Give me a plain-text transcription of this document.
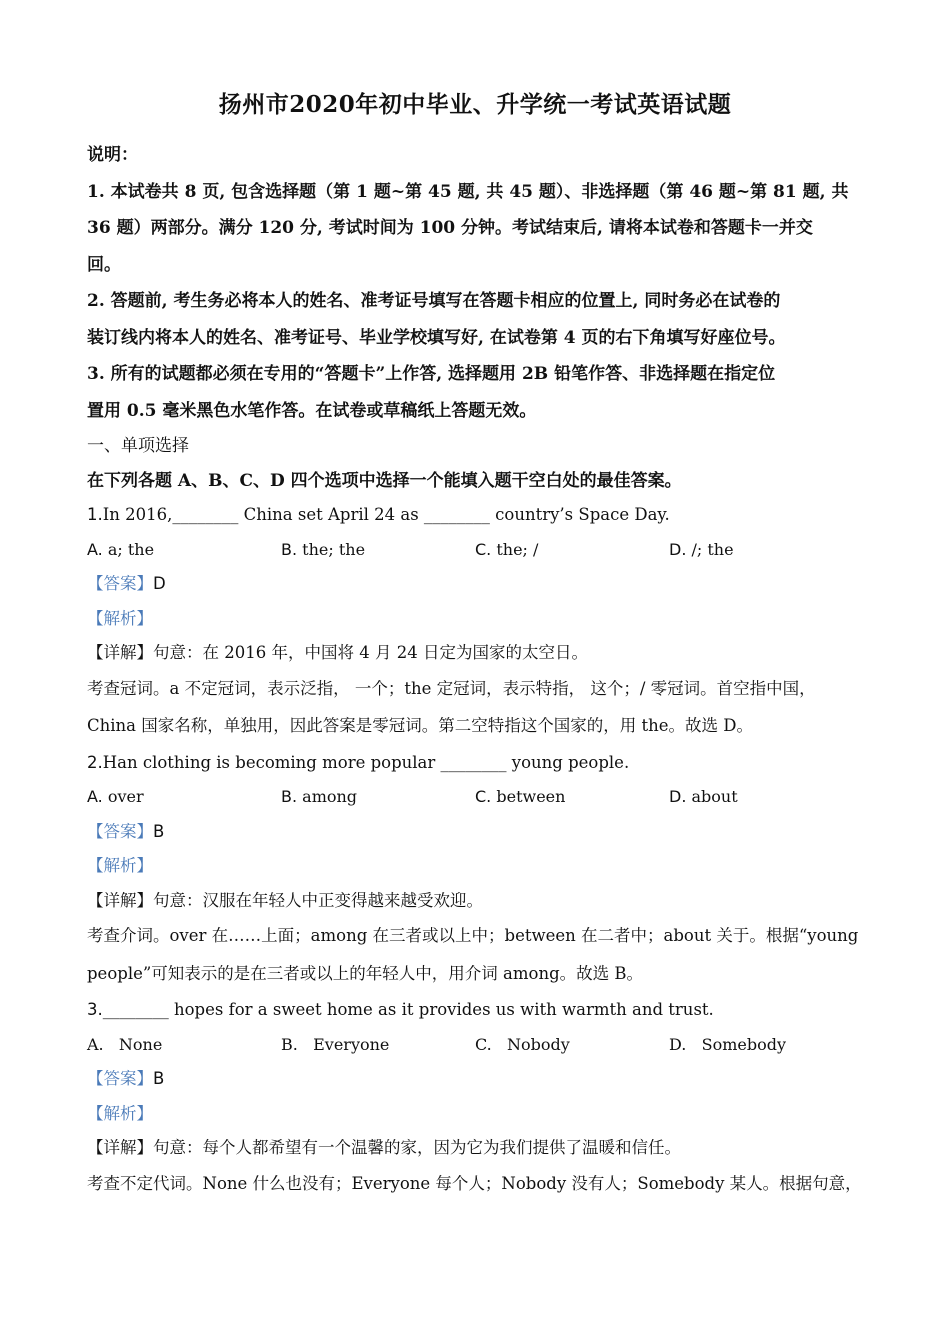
扬州市2020年初中毕业、升学统一考试英语试题
说明：
1. 本试卷共 8 页, 包含选择题（第 1 题~第 45 题, 共 45 题）、非选择题（第 46 题~第 81 题, 共
36 题）两部分。满分 120 分, 考试时间为 100 分钟。考试结束后, 请将本试卷和答题卡一并交
回。
2. 答题前, 考生务必将本人的姓名、准考证号填写在答题卡相应的位置上, 同时务必在试卷的
装订线内将本人的姓名、准考证号、毕业学校填写好, 在试卷第 4 页的右下角填写好座位号。
3. 所有的试题都必须在专用的“答题卡”上作答, 选择题用 2B 铅笔作答、非选择题在指定位
置用 0.5 毫米黑色水笔作答。在试卷或草稿纸上答题无效。
一、单项选择
在下列各题 A、B、C、D 四个选项中选择一个能填入题干空白处的最佳答案。
1.In 2016,________ China set April 24 as ________ country’s Space Day.
A. a; the	B. the; the	C. the; /	D. /; the
【答案】D
【解析】
【详解】句意：在 2016 年，中国将 4 月 24 日定为国家的太空日。
考查冠词。a 不定冠词，表示泛指， 一个；the 定冠词，表示特指， 这个；/ 零冠词。首空指中国，
China 国家名称，单独用，因此答案是零冠词。第二空特指这个国家的，用 the。故选 D。
2.Han clothing is becoming more popular ________ young people.
A. over	B. among	C. between	D. about
【答案】B
【解析】
【详解】句意：汉服在年轻人中正变得越来越受欢迎。
考查介词。over 在……上面；among 在三者或以上中；between 在二者中；about 关于。根据“young
people”可知表示的是在三者或以上的年轻人中，用介词 among。故选 B。
3.________ hopes for a sweet home as it provides us with warmth and trust.
A.   None	B.   Everyone	C.   Nobody	D.   Somebody
【答案】B
【解析】
【详解】句意：每个人都希望有一个温馨的家，因为它为我们提供了温暖和信任。
考查不定代词。None 什么也没有；Everyone 每个人；Nobody 没有人；Somebody 某人。根据句意，
